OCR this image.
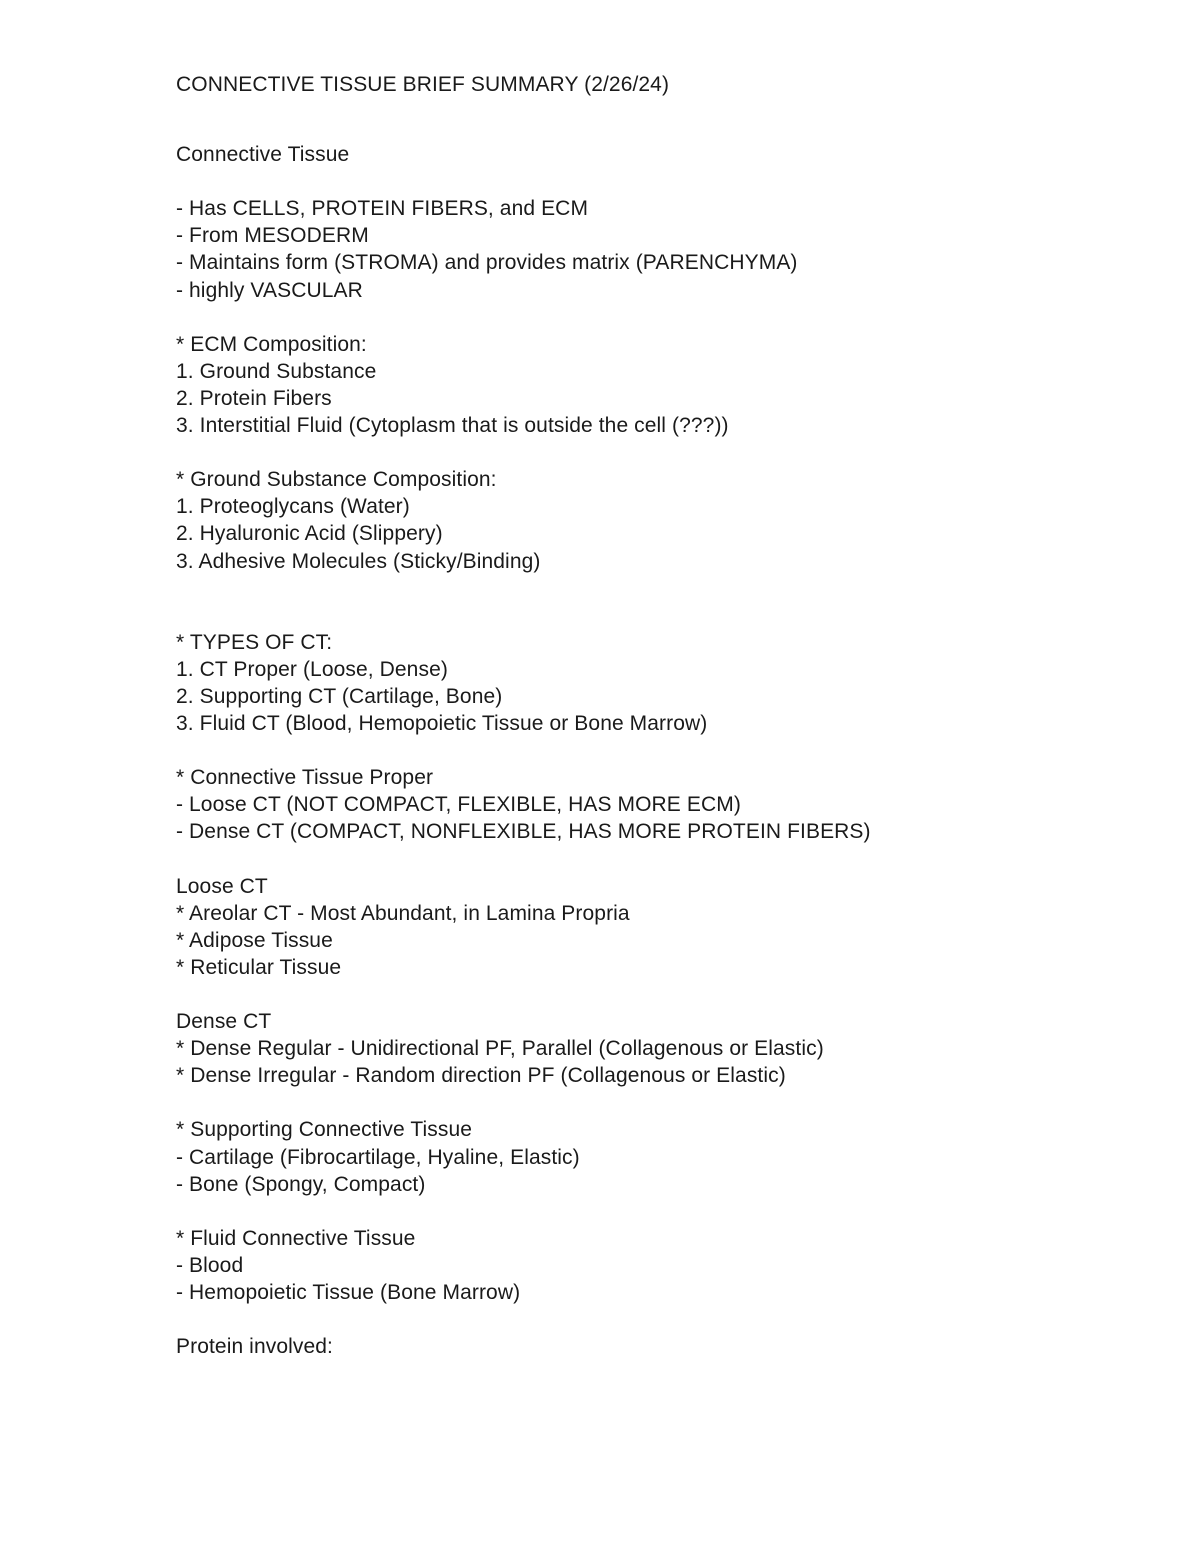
CONNECTIVE TISSUE BRIEF SUMMARY (2/26/24)
Connective Tissue
- Has CELLS, PROTEIN FIBERS, and ECM
- From MESODERM
- Maintains form (STROMA) and provides matrix (PARENCHYMA)
- highly VASCULAR
* ECM Composition:
1. Ground Substance
2. Protein Fibers
3. Interstitial Fluid (Cytoplasm that is outside the cell (???))
* Ground Substance Composition:
1. Proteoglycans (Water)
2. Hyaluronic Acid (Slippery)
3. Adhesive Molecules (Sticky/Binding)
* TYPES OF CT:
1. CT Proper (Loose, Dense)
2. Supporting CT (Cartilage, Bone)
3. Fluid CT (Blood, Hemopoietic Tissue or Bone Marrow)
* Connective Tissue Proper
- Loose CT (NOT COMPACT, FLEXIBLE, HAS MORE ECM)
- Dense CT (COMPACT, NONFLEXIBLE, HAS MORE PROTEIN FIBERS)
Loose CT
* Areolar CT - Most Abundant, in Lamina Propria
* Adipose Tissue
* Reticular Tissue
Dense CT
* Dense Regular - Unidirectional PF, Parallel (Collagenous or Elastic)
* Dense Irregular - Random direction PF (Collagenous or Elastic)
* Supporting Connective Tissue
- Cartilage (Fibrocartilage, Hyaline, Elastic)
- Bone (Spongy, Compact)
* Fluid Connective Tissue
- Blood
- Hemopoietic Tissue (Bone Marrow)
Protein involved:
